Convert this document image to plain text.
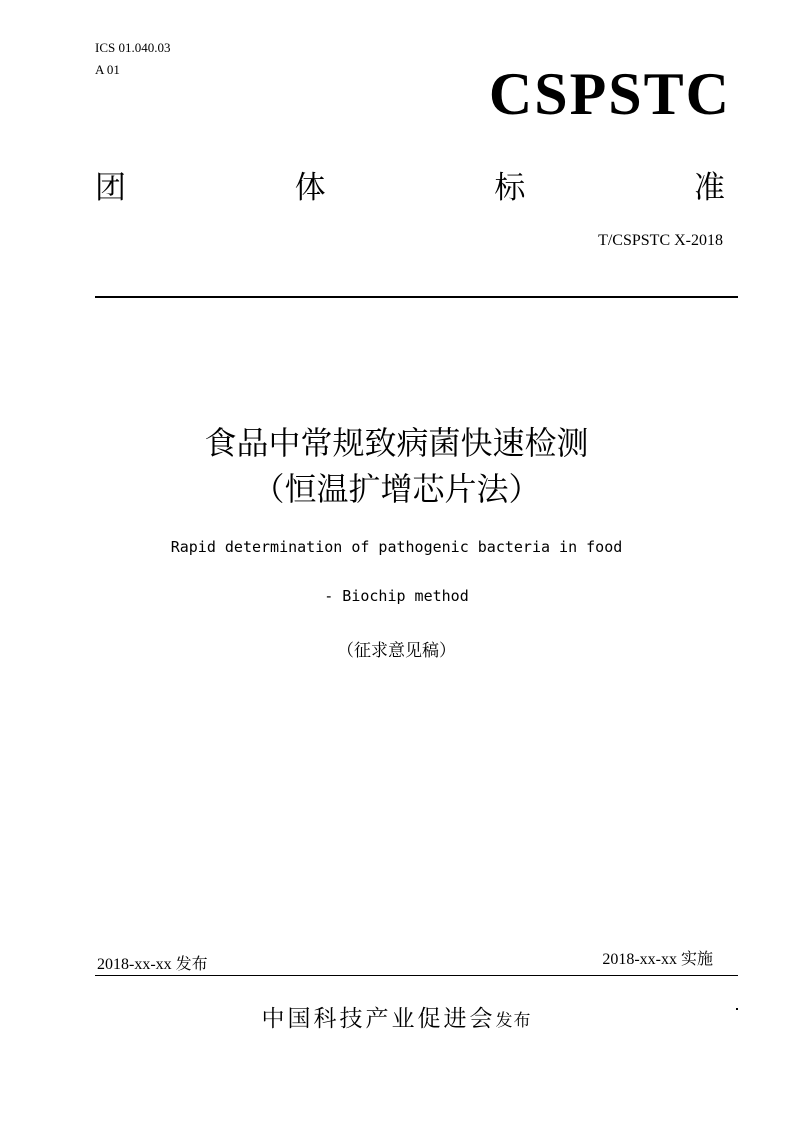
ICS 01.040.03
A 01	CSPSTC
团	体	标	准
T/CSPSTC X-2018
食品中常规致病菌快速检测
（恒温扩增芯片法）
Rapid determination of pathogenic bacteria in food
- Biochip method
（征求意见稿）
2018-xx-xx 发布	2018-xx-xx 实施
中国科技产业促进会发布
